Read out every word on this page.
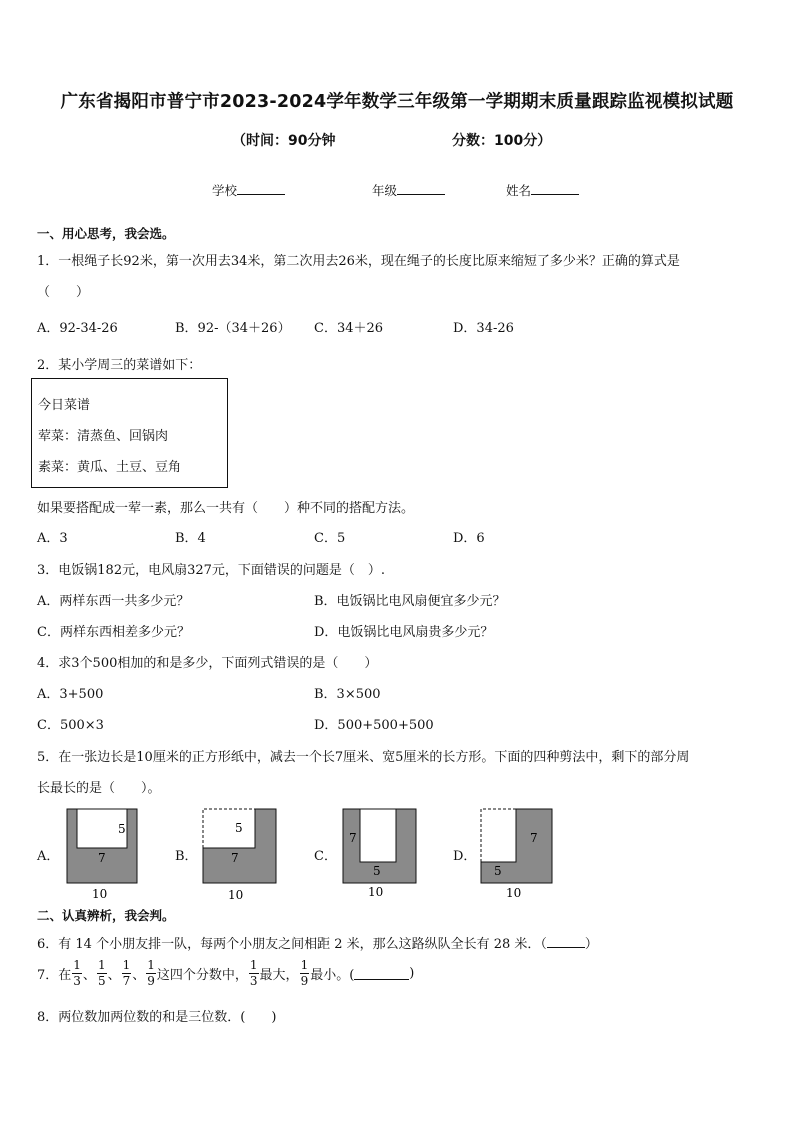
广东省揭阳市普宁市2023-2024学年数学三年级第一学期期末质量跟踪监视模拟试题
（时间：90分钟	分数：100分）
学校	年级	姓名
一、用心思考，我会选。
1．一根绳子长92米，第一次用去34米，第二次用去26米，现在绳子的长度比原来缩短了多少米？正确的算式是
（　　）
A．92-34-26	B．92-（34＋26） C．34＋26	D．34-26
2．某小学周三的菜谱如下：
今日菜谱
荤菜：清蒸鱼、回锅肉
素菜：黄瓜、土豆、豆角
如果要搭配成一荤一素，那么一共有（　　）种不同的搭配方法。
A．3	B．4	C．5	D．6
3．电饭锅182元，电风扇327元，下面错误的问题是（　）.
A．两样东西一共多少元？	B．电饭锅比电风扇便宜多少元？
C．两样东西相差多少元？	D．电饭锅比电风扇贵多少元？
4．求3个500相加的和是多少，下面列式错误的是（　　）
A．3+500	B．3×500
C．500×3	D．500+500+500
5．在一张边长是10厘米的正方形纸中，减去一个长7厘米、宽5厘米的长方形。下面的四种剪法中，剩下的部分周
长最长的是（　　）。
A．	B．	C．	D．
5
7
10
5
7
10
7
5
10
7
5
10
二、认真辨析，我会判。
6．有 14 个小朋友排一队，每两个小朋友之间相距 2 米，那么这路纵队全长有 28 米．（	）
7．在 $\frac{1}{3}$ 、 $\frac{1}{5}$ 、 $\frac{1}{7}$ 、 $\frac{1}{9}$ 这四个分数中， $\frac{1}{3}$ 最大， $\frac{1}{9}$ 最小。(	)
8．两位数加两位数的和是三位数．(　　)
